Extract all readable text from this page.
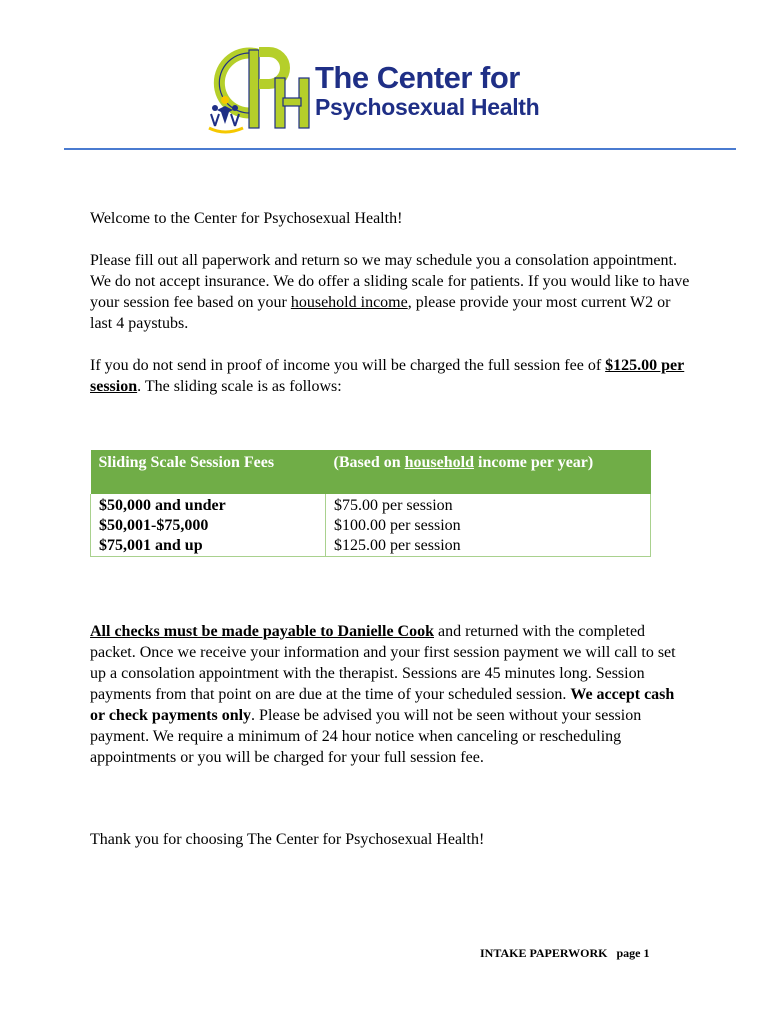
The Center for
Psychosexual Health

Welcome to the Center for Psychosexual Health!

Please fill out all paperwork and return so we may schedule you a consolation appointment. We do not accept insurance. We do offer a sliding scale for patients. If you would like to have your session fee based on your household income, please provide your most current W2 or last 4 paystubs.

If you do not send in proof of income you will be charged the full session fee of $125.00 per session. The sliding scale is as follows:

Sliding Scale Session Fees	(Based on household income per year)
$50,000 and under	$75.00 per session
$50,001-$75,000	$100.00 per session
$75,001 and up	$125.00 per session

All checks must be made payable to Danielle Cook and returned with the completed packet. Once we receive your information and your first session payment we will call to set up a consolation appointment with the therapist. Sessions are 45 minutes long. Session payments from that point on are due at the time of your scheduled session. We accept cash or check payments only. Please be advised you will not be seen without your session payment. We require a minimum of 24 hour notice when canceling or rescheduling appointments or you will be charged for your full session fee.

Thank you for choosing The Center for Psychosexual Health!

INTAKE PAPERWORK   page 1
